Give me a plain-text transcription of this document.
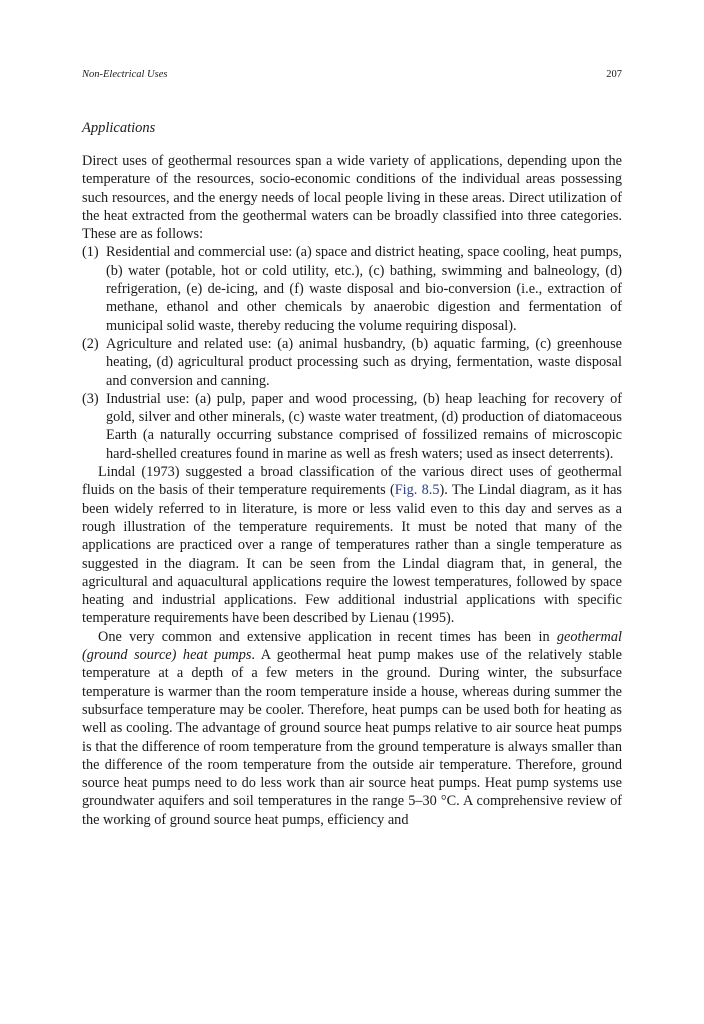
Non-Electrical Uses	207
Applications

Direct uses of geothermal resources span a wide variety of applications, depending upon the temperature of the resources, socio-economic conditions of the individual areas possessing such resources, and the energy needs of local people living in these areas. Direct utilization of the heat extracted from the geothermal waters can be broadly classified into three categories. These are as follows:

(1) Residential and commercial use: (a) space and district heating, space cooling, heat pumps, (b) water (potable, hot or cold utility, etc.), (c) bathing, swimming and balneology, (d) refrigeration, (e) de-icing, and (f) waste disposal and bio-conversion (i.e., extraction of methane, ethanol and other chemicals by anaerobic digestion and fermentation of municipal solid waste, thereby reducing the volume requiring disposal).
(2) Agriculture and related use: (a) animal husbandry, (b) aquatic farming, (c) greenhouse heating, (d) agricultural product processing such as drying, fermentation, waste disposal and conversion and canning.
(3) Industrial use: (a) pulp, paper and wood processing, (b) heap leaching for recovery of gold, silver and other minerals, (c) waste water treatment, (d) production of diatomaceous Earth (a naturally occurring substance comprised of fossilized remains of microscopic hard-shelled creatures found in marine as well as fresh waters; used as insect deterrents).

Lindal (1973) suggested a broad classification of the various direct uses of geothermal fluids on the basis of their temperature requirements (Fig. 8.5). The Lindal diagram, as it has been widely referred to in literature, is more or less valid even to this day and serves as a rough illustration of the temperature requirements. It must be noted that many of the applications are practiced over a range of temperatures rather than a single temperature as suggested in the diagram. It can be seen from the Lindal diagram that, in general, the agricultural and aquacultural applications require the lowest temperatures, followed by space heating and industrial applications. Few additional industrial applications with specific temperature requirements have been described by Lienau (1995).

One very common and extensive application in recent times has been in geothermal (ground source) heat pumps. A geothermal heat pump makes use of the relatively stable temperature at a depth of a few meters in the ground. During winter, the subsurface temperature is warmer than the room temperature inside a house, whereas during summer the subsurface temperature may be cooler. Therefore, heat pumps can be used both for heating as well as cooling. The advantage of ground source heat pumps relative to air source heat pumps is that the difference of room temperature from the ground temperature is always smaller than the difference of the room temperature from the outside air temperature. Therefore, ground source heat pumps need to do less work than air source heat pumps. Heat pump systems use groundwater aquifers and soil temperatures in the range 5–30 °C. A comprehensive review of the working of ground source heat pumps, efficiency and
